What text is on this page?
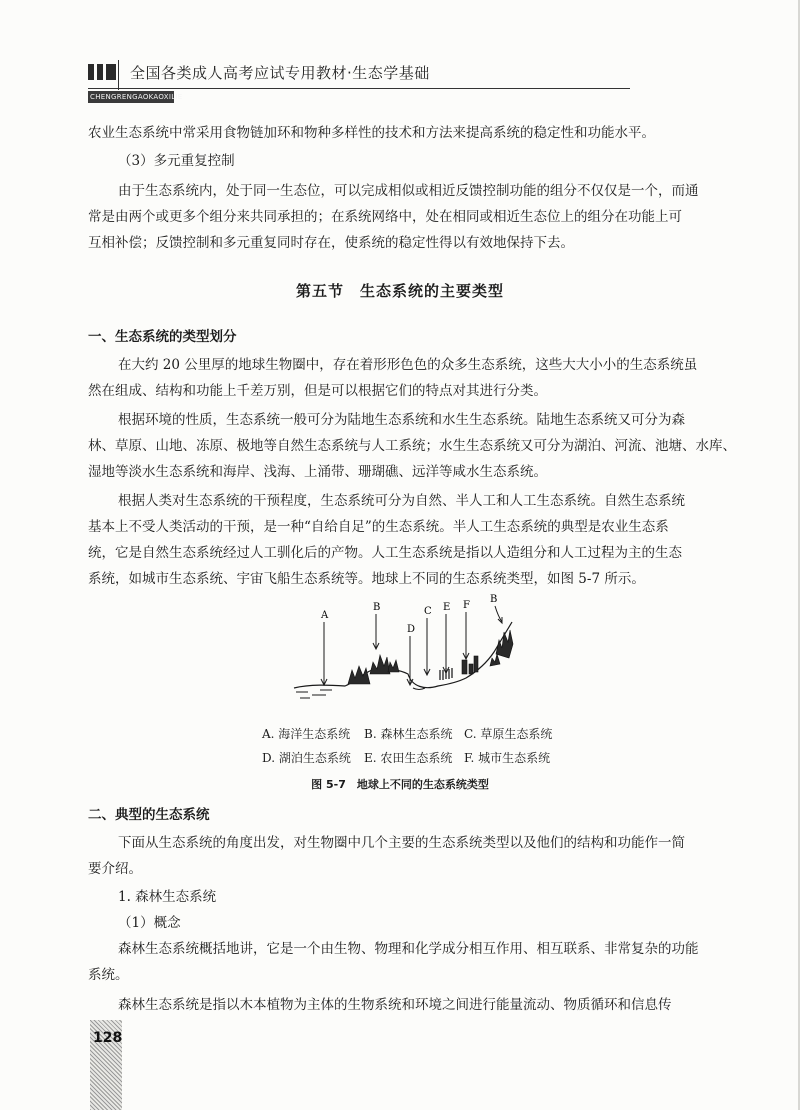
全国各类成人高考应试专用教材·生态学基础
CHENGRENGAOKAOXILIE
农业生态系统中常采用食物链加环和物种多样性的技术和方法来提高系统的稳定性和功能水平。
（3）多元重复控制
由于生态系统内，处于同一生态位，可以完成相似或相近反馈控制功能的组分不仅仅是一个，而通
常是由两个或更多个组分来共同承担的；在系统网络中，处在相同或相近生态位上的组分在功能上可
互相补偿；反馈控制和多元重复同时存在，使系统的稳定性得以有效地保持下去。
第五节　生态系统的主要类型
一、生态系统的类型划分
在大约 20 公里厚的地球生物圈中，存在着形形色色的众多生态系统，这些大大小小的生态系统虽
然在组成、结构和功能上千差万别，但是可以根据它们的特点对其进行分类。
根据环境的性质，生态系统一般可分为陆地生态系统和水生生态系统。陆地生态系统又可分为森
林、草原、山地、冻原、极地等自然生态系统与人工系统；水生生态系统又可分为湖泊、河流、池塘、水库、
湿地等淡水生态系统和海岸、浅海、上涌带、珊瑚礁、远洋等咸水生态系统。
根据人类对生态系统的干预程度，生态系统可分为自然、半人工和人工生态系统。自然生态系统
基本上不受人类活动的干预，是一种“自给自足”的生态系统。半人工生态系统的典型是农业生态系
统，它是自然生态系统经过人工驯化后的产物。人工生态系统是指以人造组分和人工过程为主的生态
系统，如城市生态系统、宇宙飞船生态系统等。地球上不同的生态系统类型，如图 5-7 所示。
A
B
D
C E F
B
A. 海洋生态系统 B. 森林生态系统 C. 草原生态系统
D. 湖泊生态系统 E. 农田生态系统 F. 城市生态系统
图 5-7　地球上不同的生态系统类型
二、典型的生态系统
下面从生态系统的角度出发，对生物圈中几个主要的生态系统类型以及他们的结构和功能作一简
要介绍。
1. 森林生态系统
（1）概念
森林生态系统概括地讲，它是一个由生物、物理和化学成分相互作用、相互联系、非常复杂的功能
系统。
森林生态系统是指以木本植物为主体的生物系统和环境之间进行能量流动、物质循环和信息传
128
